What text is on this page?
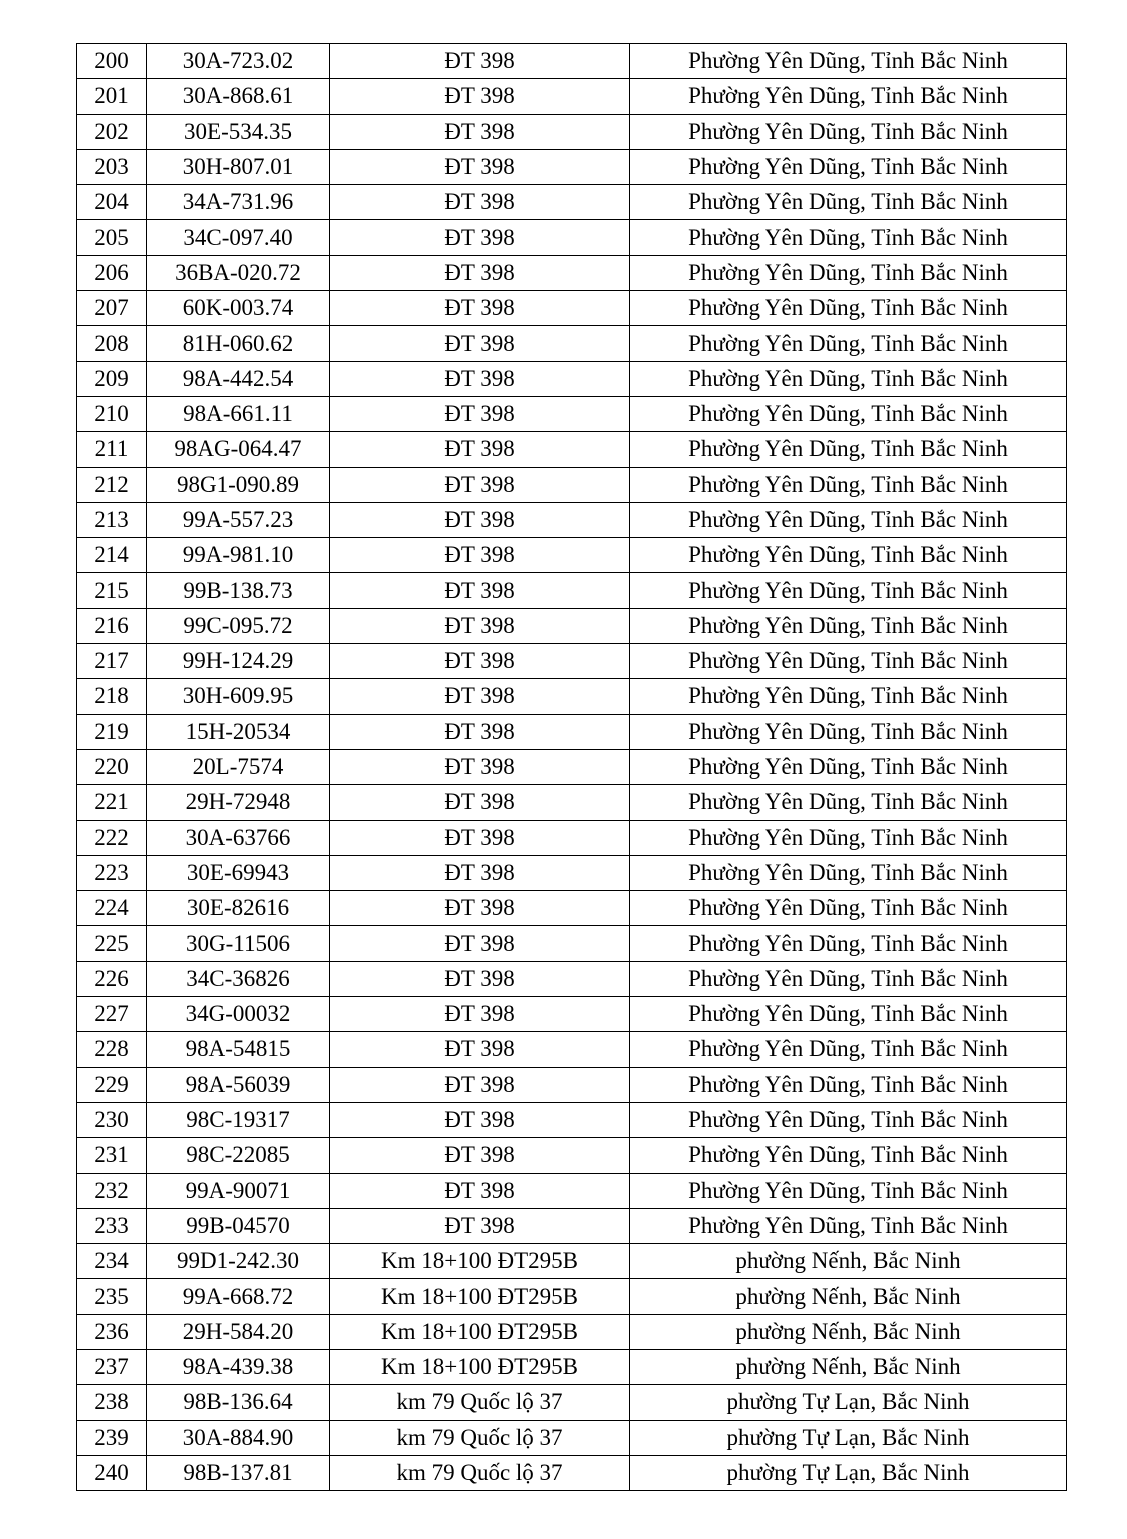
200	30A-723.02	ĐT 398	Phường Yên Dũng, Tỉnh Bắc Ninh
201	30A-868.61	ĐT 398	Phường Yên Dũng, Tỉnh Bắc Ninh
202	30E-534.35	ĐT 398	Phường Yên Dũng, Tỉnh Bắc Ninh
203	30H-807.01	ĐT 398	Phường Yên Dũng, Tỉnh Bắc Ninh
204	34A-731.96	ĐT 398	Phường Yên Dũng, Tỉnh Bắc Ninh
205	34C-097.40	ĐT 398	Phường Yên Dũng, Tỉnh Bắc Ninh
206	36BA-020.72	ĐT 398	Phường Yên Dũng, Tỉnh Bắc Ninh
207	60K-003.74	ĐT 398	Phường Yên Dũng, Tỉnh Bắc Ninh
208	81H-060.62	ĐT 398	Phường Yên Dũng, Tỉnh Bắc Ninh
209	98A-442.54	ĐT 398	Phường Yên Dũng, Tỉnh Bắc Ninh
210	98A-661.11	ĐT 398	Phường Yên Dũng, Tỉnh Bắc Ninh
211	98AG-064.47	ĐT 398	Phường Yên Dũng, Tỉnh Bắc Ninh
212	98G1-090.89	ĐT 398	Phường Yên Dũng, Tỉnh Bắc Ninh
213	99A-557.23	ĐT 398	Phường Yên Dũng, Tỉnh Bắc Ninh
214	99A-981.10	ĐT 398	Phường Yên Dũng, Tỉnh Bắc Ninh
215	99B-138.73	ĐT 398	Phường Yên Dũng, Tỉnh Bắc Ninh
216	99C-095.72	ĐT 398	Phường Yên Dũng, Tỉnh Bắc Ninh
217	99H-124.29	ĐT 398	Phường Yên Dũng, Tỉnh Bắc Ninh
218	30H-609.95	ĐT 398	Phường Yên Dũng, Tỉnh Bắc Ninh
219	15H-20534	ĐT 398	Phường Yên Dũng, Tỉnh Bắc Ninh
220	20L-7574	ĐT 398	Phường Yên Dũng, Tỉnh Bắc Ninh
221	29H-72948	ĐT 398	Phường Yên Dũng, Tỉnh Bắc Ninh
222	30A-63766	ĐT 398	Phường Yên Dũng, Tỉnh Bắc Ninh
223	30E-69943	ĐT 398	Phường Yên Dũng, Tỉnh Bắc Ninh
224	30E-82616	ĐT 398	Phường Yên Dũng, Tỉnh Bắc Ninh
225	30G-11506	ĐT 398	Phường Yên Dũng, Tỉnh Bắc Ninh
226	34C-36826	ĐT 398	Phường Yên Dũng, Tỉnh Bắc Ninh
227	34G-00032	ĐT 398	Phường Yên Dũng, Tỉnh Bắc Ninh
228	98A-54815	ĐT 398	Phường Yên Dũng, Tỉnh Bắc Ninh
229	98A-56039	ĐT 398	Phường Yên Dũng, Tỉnh Bắc Ninh
230	98C-19317	ĐT 398	Phường Yên Dũng, Tỉnh Bắc Ninh
231	98C-22085	ĐT 398	Phường Yên Dũng, Tỉnh Bắc Ninh
232	99A-90071	ĐT 398	Phường Yên Dũng, Tỉnh Bắc Ninh
233	99B-04570	ĐT 398	Phường Yên Dũng, Tỉnh Bắc Ninh
234	99D1-242.30	Km 18+100 ĐT295B	phường Nếnh, Bắc Ninh
235	99A-668.72	Km 18+100 ĐT295B	phường Nếnh, Bắc Ninh
236	29H-584.20	Km 18+100 ĐT295B	phường Nếnh, Bắc Ninh
237	98A-439.38	Km 18+100 ĐT295B	phường Nếnh, Bắc Ninh
238	98B-136.64	km 79 Quốc lộ 37	phường Tự Lạn, Bắc Ninh
239	30A-884.90	km 79 Quốc lộ 37	phường Tự Lạn, Bắc Ninh
240	98B-137.81	km 79 Quốc lộ 37	phường Tự Lạn, Bắc Ninh
